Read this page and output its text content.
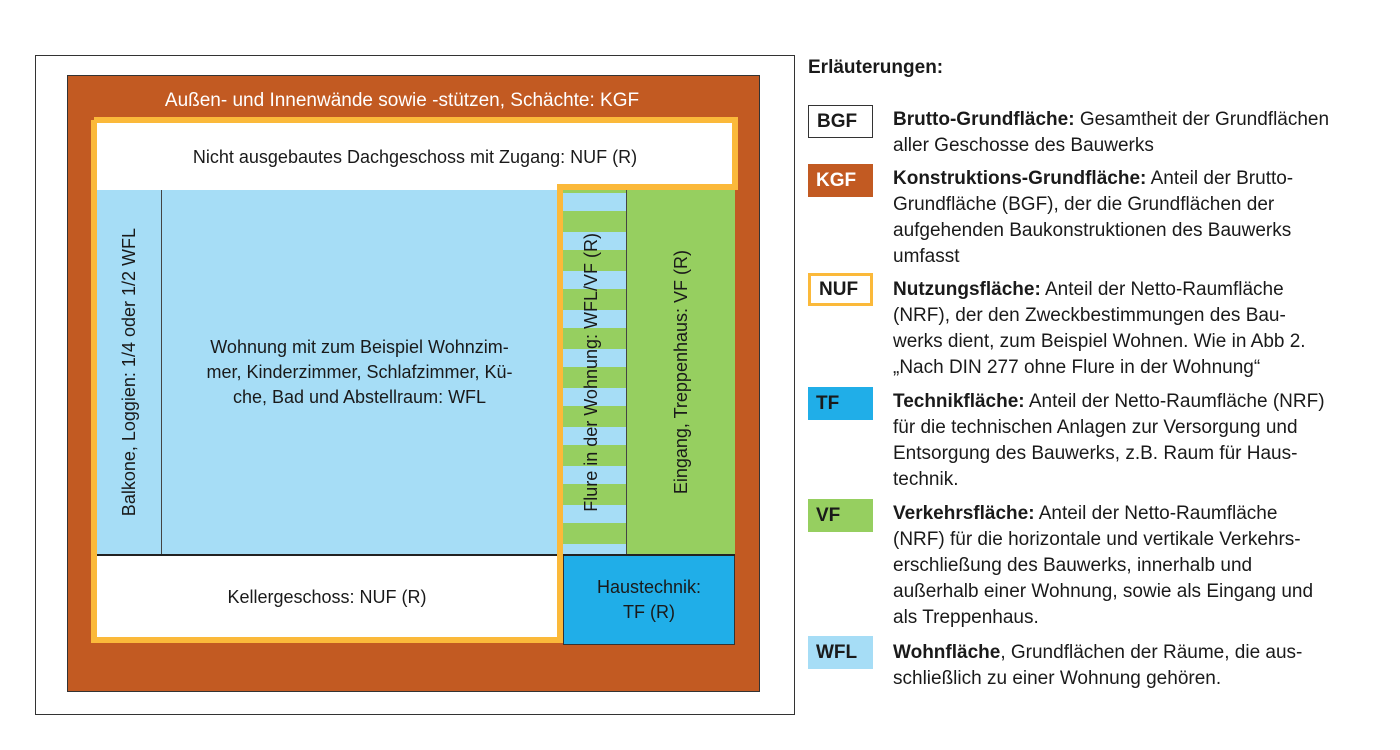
Außen- und Innenwände sowie -stützen, Schächte: KGF
Nicht ausgebautes Dachgeschoss mit Zugang: NUF (R)
Balkone, Loggien: 1/4 oder 1/2 WFL	Wohnung mit zum Beispiel Wohnzim-
mer, Kinderzimmer, Schlafzimmer, Kü-
che, Bad und Abstellraum: WFL	Flure in der Wohnung: WFL/VF (R)	Eingang, Treppenhaus: VF (R)
Kellergeschoss: NUF (R)	Haustechnik:
TF (R)
Erläuterungen:
BGF	Brutto-Grundfläche: Gesamtheit der Grundflächen
aller Geschosse des Bauwerks
KGF	Konstruktions-Grundfläche: Anteil der Brutto-
Grundfläche (BGF), der die Grundflächen der
aufgehenden Baukonstruktionen des Bauwerks
umfasst
NUF	Nutzungsfläche: Anteil der Netto-Raumfläche
(NRF), der den Zweckbestimmungen des Bau-
werks dient, zum Beispiel Wohnen. Wie in Abb 2.
„Nach DIN 277 ohne Flure in der Wohnung“
TF	Technikfläche: Anteil der Netto-Raumfläche (NRF)
für die technischen Anlagen zur Versorgung und
Entsorgung des Bauwerks, z.B. Raum für Haus-
technik.
VF	Verkehrsfläche: Anteil der Netto-Raumfläche
(NRF) für die horizontale und vertikale Verkehrs-
erschließung des Bauwerks, innerhalb und
außerhalb einer Wohnung, sowie als Eingang und
als Treppenhaus.
WFL	Wohnfläche, Grundflächen der Räume, die aus-
schließlich zu einer Wohnung gehören.
